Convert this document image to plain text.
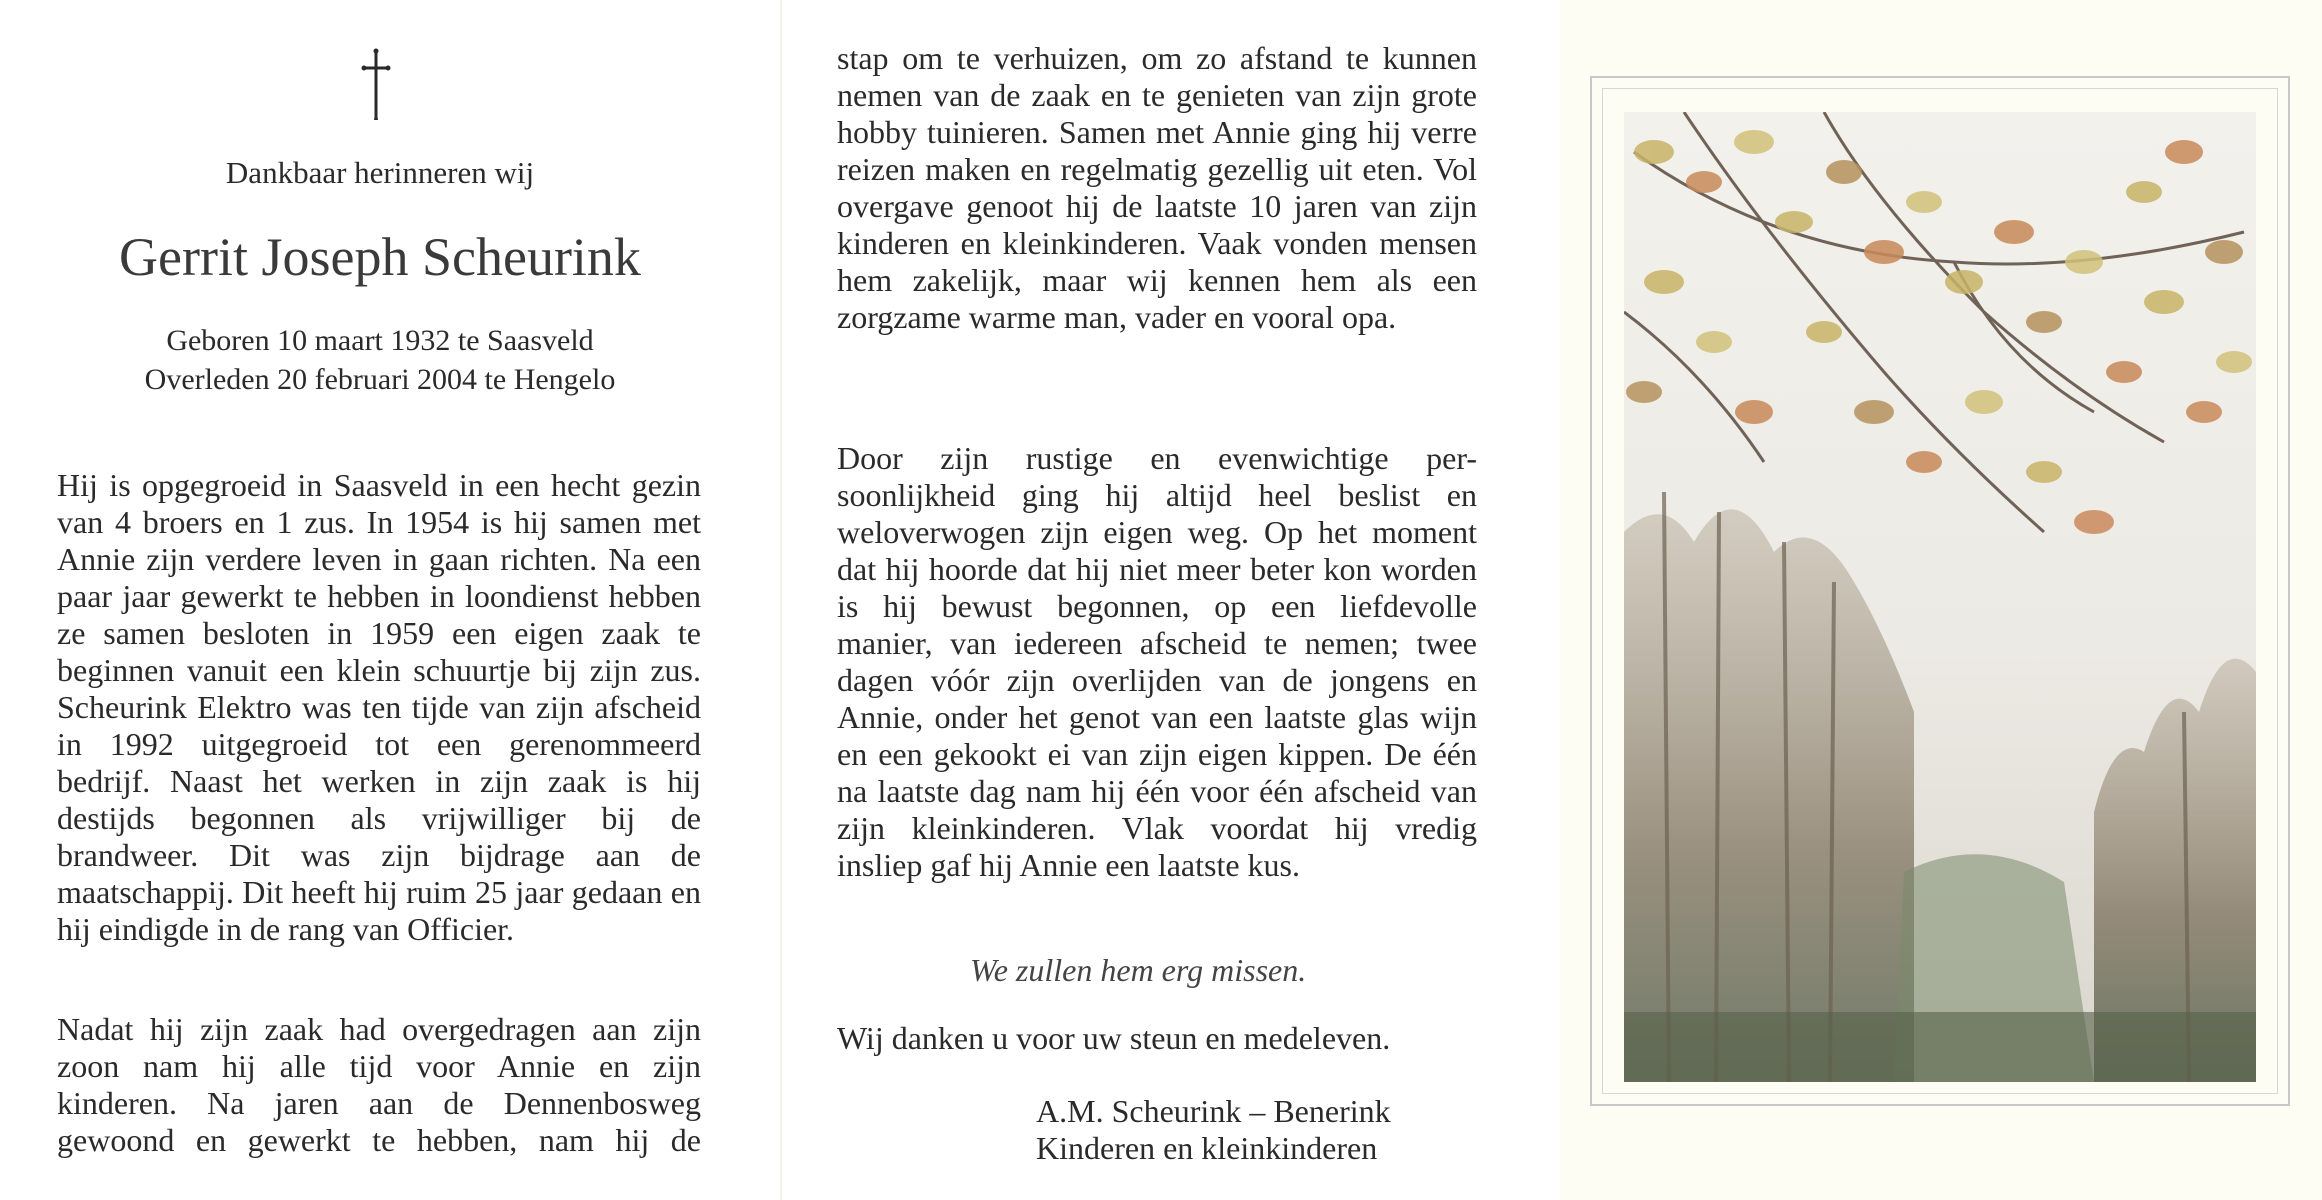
Dankbaar herinneren wij
Gerrit Joseph Scheurink
Geboren 10 maart 1932 te Saasveld
Overleden 20 februari 2004 te Hengelo

Hij is opgegroeid in Saasveld in een hecht gezin van 4 broers en 1 zus. In 1954 is hij samen met Annie zijn verdere leven in gaan richten. Na een paar jaar gewerkt te hebben in loondienst hebben ze samen besloten in 1959 een eigen zaak te beginnen vanuit een klein schuurtje bij zijn zus. Scheurink Elektro was ten tijde van zijn afscheid in 1992 uitgegroeid tot een gerenommeerd bedrijf. Naast het werken in zijn zaak is hij destijds begonnen als vrijwilliger bij de brandweer. Dit was zijn bijdrage aan de maatschappij. Dit heeft hij ruim 25 jaar gedaan en hij eindigde in de rang van Officier.

Nadat hij zijn zaak had overgedragen aan zijn zoon nam hij alle tijd voor Annie en zijn kinderen. Na jaren aan de Dennenbosweg gewoond en gewerkt te hebben, nam hij de

stap om te verhuizen, om zo afstand te kunnen nemen van de zaak en te genieten van zijn grote hobby tuinieren. Samen met Annie ging hij verre reizen maken en regelmatig gezellig uit eten. Vol overgave genoot hij de laatste 10 jaren van zijn kinderen en kleinkinderen. Vaak vonden mensen hem zakelijk, maar wij kennen hem als een zorgzame warme man, vader en vooral opa.

Door zijn rustige en evenwichtige per- soonlijkheid ging hij altijd heel beslist en weloverwogen zijn eigen weg. Op het moment dat hij hoorde dat hij niet meer beter kon worden is hij bewust begonnen, op een liefdevolle manier, van iedereen afscheid te nemen; twee dagen vóór zijn overlijden van de jongens en Annie, onder het genot van een laatste glas wijn en een gekookt ei van zijn eigen kippen. De één na laatste dag nam hij één voor één afscheid van zijn kleinkinderen. Vlak voordat hij vredig insliep gaf hij Annie een laatste kus.

We zullen hem erg missen.
Wij danken u voor uw steun en medeleven.
A.M. Scheurink – Benerink
Kinderen en kleinkinderen
